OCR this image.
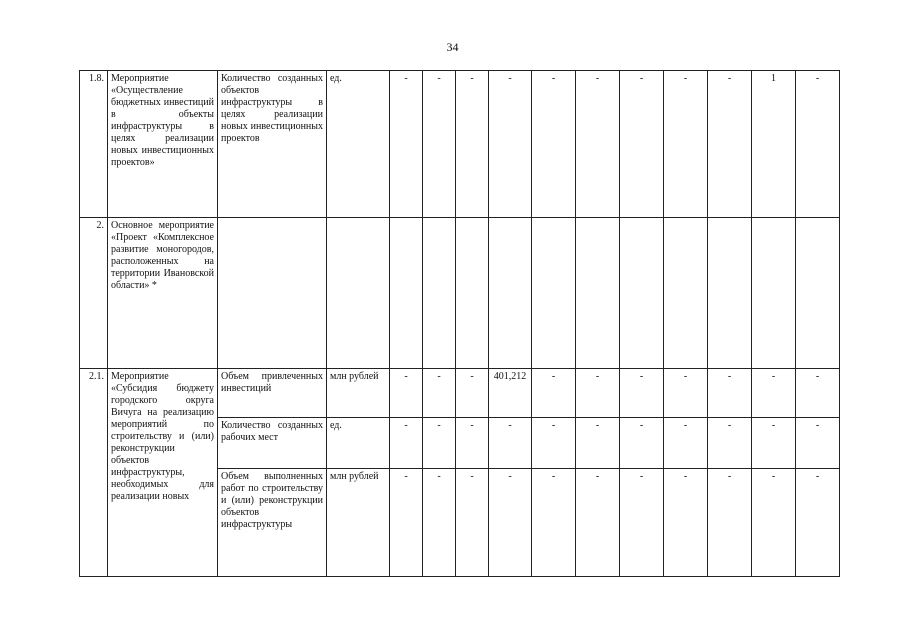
34
1.8.	Мероприятие «Осуществление бюджетных инвестиций в объекты инфраструктуры в целях реализации новых инвестиционных проектов»	Количество созданных объектов инфраструктуры в целях реализации новых инвестиционных проектов	ед.	-	-	-	-	-	-	-	-	-	1	-
2.	Основное мероприятие «Проект «Комплексное развитие моногородов, расположенных на территории Ивановской области» *													
2.1.	Мероприятие «Субсидия бюджету городского округа Вичуга на реализацию мероприятий по строительству и (или) реконструкции объектов инфраструктуры, необходимых для реализации новых	Объем привлеченных инвестиций	млн рублей	-	-	-	401,212	-	-	-	-	-	-	-
		Количество созданных рабочих мест	ед.	-	-	-	-	-	-	-	-	-	-	-
		Объем выполненных работ по строительству и (или) реконструкции объектов инфраструктуры	млн рублей	-	-	-	-	-	-	-	-	-	-	-
